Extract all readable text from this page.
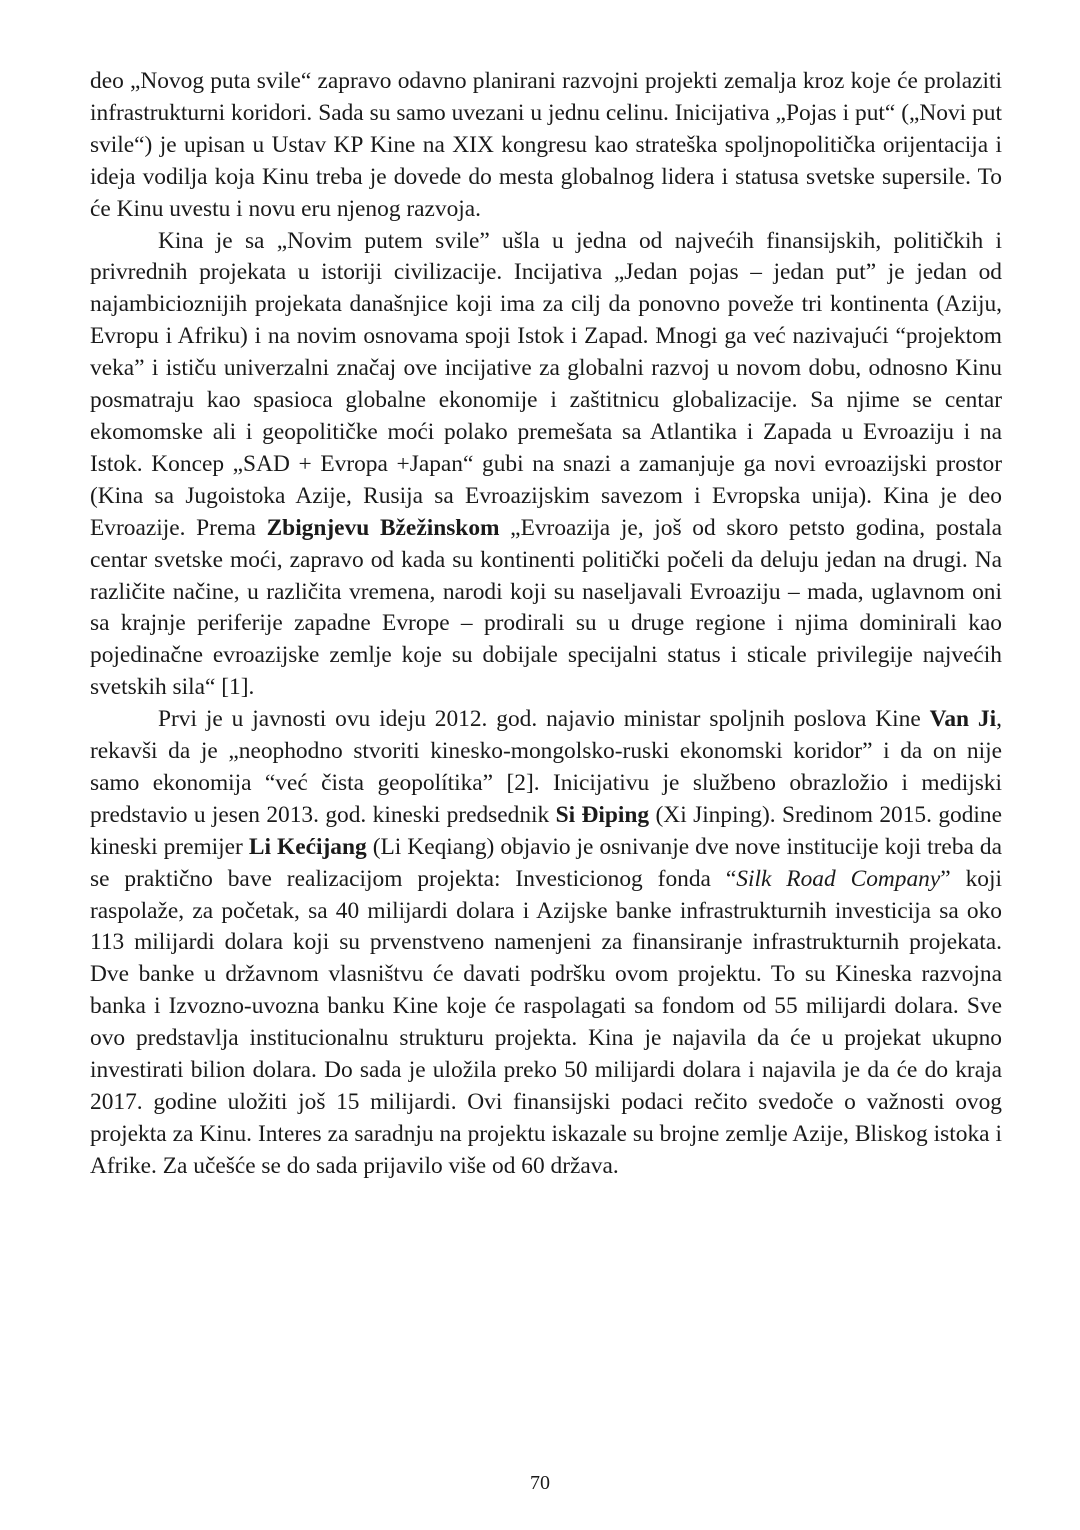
deo „Novog puta svile“ zapravo odavno planirani razvojni projekti zemalja kroz koje će prolaziti infrastrukturni koridori. Sada su samo uvezani u jednu celinu. Inicijativa „Pojas i put“ („Novi put svile“) je upisan u Ustav KP Kine na XIX kongresu kao strateška spoljnopolitička orijentacija i ideja vodilja koja Kinu treba je dovede do mesta globalnog lidera i statusa svetske supersile. To će Kinu uvestu i novu eru njenog razvoja.

Kina je sa „Novim putem svile” ušla u jedna od najvećih finansijskih, političkih i privrednih projekata u istoriji civilizacije. Incijativa „Jedan pojas – jedan put” je jedan od najambicioznijih projekata današnjice koji ima za cilj da ponovno poveže tri kontinenta (Aziju, Evropu i Afriku) i na novim osnovama spoji Istok i Zapad. Mnogi ga već nazivajući “projektom veka” i ističu univerzalni značaj ove incijative za globalni razvoj u novom dobu, odnosno Kinu posmatraju kao spasioca globalne ekonomije i zaštitnicu globalizacije. Sa njime se centar ekomomske ali i geopolitičke moći polako premešata sa Atlantika i Zapada u Evroaziju i na Istok. Koncep „SAD + Evropa +Japan“ gubi na snazi a zamanjuje ga novi evroazijski prostor (Kina sa Jugoistoka Azije, Rusija sa Evroazijskim savezom i Evropska unija). Kina je deo Evroazije. Prema Zbignjevu Bžežinskom „Evroazija je, još od skoro petsto godina, postala centar svetske moći, zapravo od kada su kontinenti politički počeli da deluju jedan na drugi. Na različite načine, u različita vremena, narodi koji su naseljavali Evroaziju – mada, uglavnom oni sa krajnje periferije zapadne Evrope – prodirali su u druge regione i njima dominirali kao pojedinačne evroazijske zemlje koje su dobijale specijalni status i sticale privilegije najvećih svetskih sila“ [1].

Prvi je u javnosti ovu ideju 2012. god. najavio ministar spoljnih poslova Kine Van Ji, rekavši da je „neophodno stvoriti kinesko-mongolsko-ruski ekonomski koridor” i da on nije samo ekonomija “već čista geopolítika” [2]. Inicijativu je službeno obrazložio i medijski predstavio u jesen 2013. god. kineski predsednik Si Điping (Xi Jinping). Sredinom 2015. godine kineski premijer Li Kećijang (Li Keqiang) objavio je osnivanje dve nove institucije koji treba da se praktično bave realizacijom projekta: Investicionog fonda “Silk Road Company” koji raspolaže, za početak, sa 40 milijardi dolara i Azijske banke infrastrukturnih investicija sa oko 113 milijardi dolara koji su prvenstveno namenjeni za finansiranje infrastrukturnih projekata. Dve banke u državnom vlasništvu će davati podršku ovom projektu. To su Kineska razvojna banka i Izvozno-uvozna banku Kine koje će raspolagati sa fondom od 55 milijardi dolara. Sve ovo predstavlja institucionalnu strukturu projekta. Kina je najavila da će u projekat ukupno investirati bilion dolara. Do sada je uložila preko 50 milijardi dolara i najavila je da će do kraja 2017. godine uložiti još 15 milijardi. Ovi finansijski podaci rečito svedoče o važnosti ovog projekta za Kinu. Interes za saradnju na projektu iskazale su brojne zemlje Azije, Bliskog istoka i Afrike. Za učešće se do sada prijavilo više od 60 država.

70
